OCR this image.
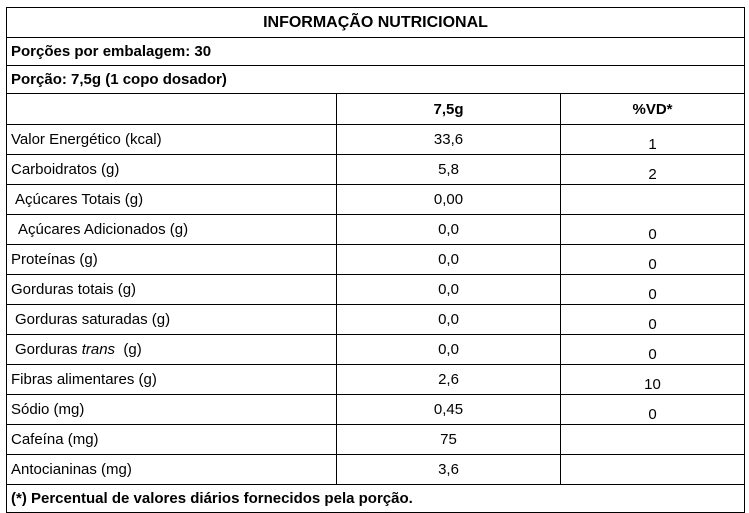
INFORMAÇÃO NUTRICIONAL		
Porções por embalagem: 30		
Porção: 7,5g (1 copo dosador)		
	7,5g	%VD*
Valor Energético (kcal)	33,6	1
Carboidratos (g)	5,8	2
Açúcares Totais (g)	0,00	
Açúcares Adicionados (g)	0,0	0
Proteínas (g)	0,0	0
Gorduras totais (g)	0,0	0
Gorduras saturadas (g)	0,0	0
Gorduras trans  (g)	0,0	0
Fibras alimentares (g)	2,6	10
Sódio (mg)	0,45	0
Cafeína (mg)	75	
Antocianinas (mg)	3,6	
(*) Percentual de valores diários fornecidos pela porção.		
